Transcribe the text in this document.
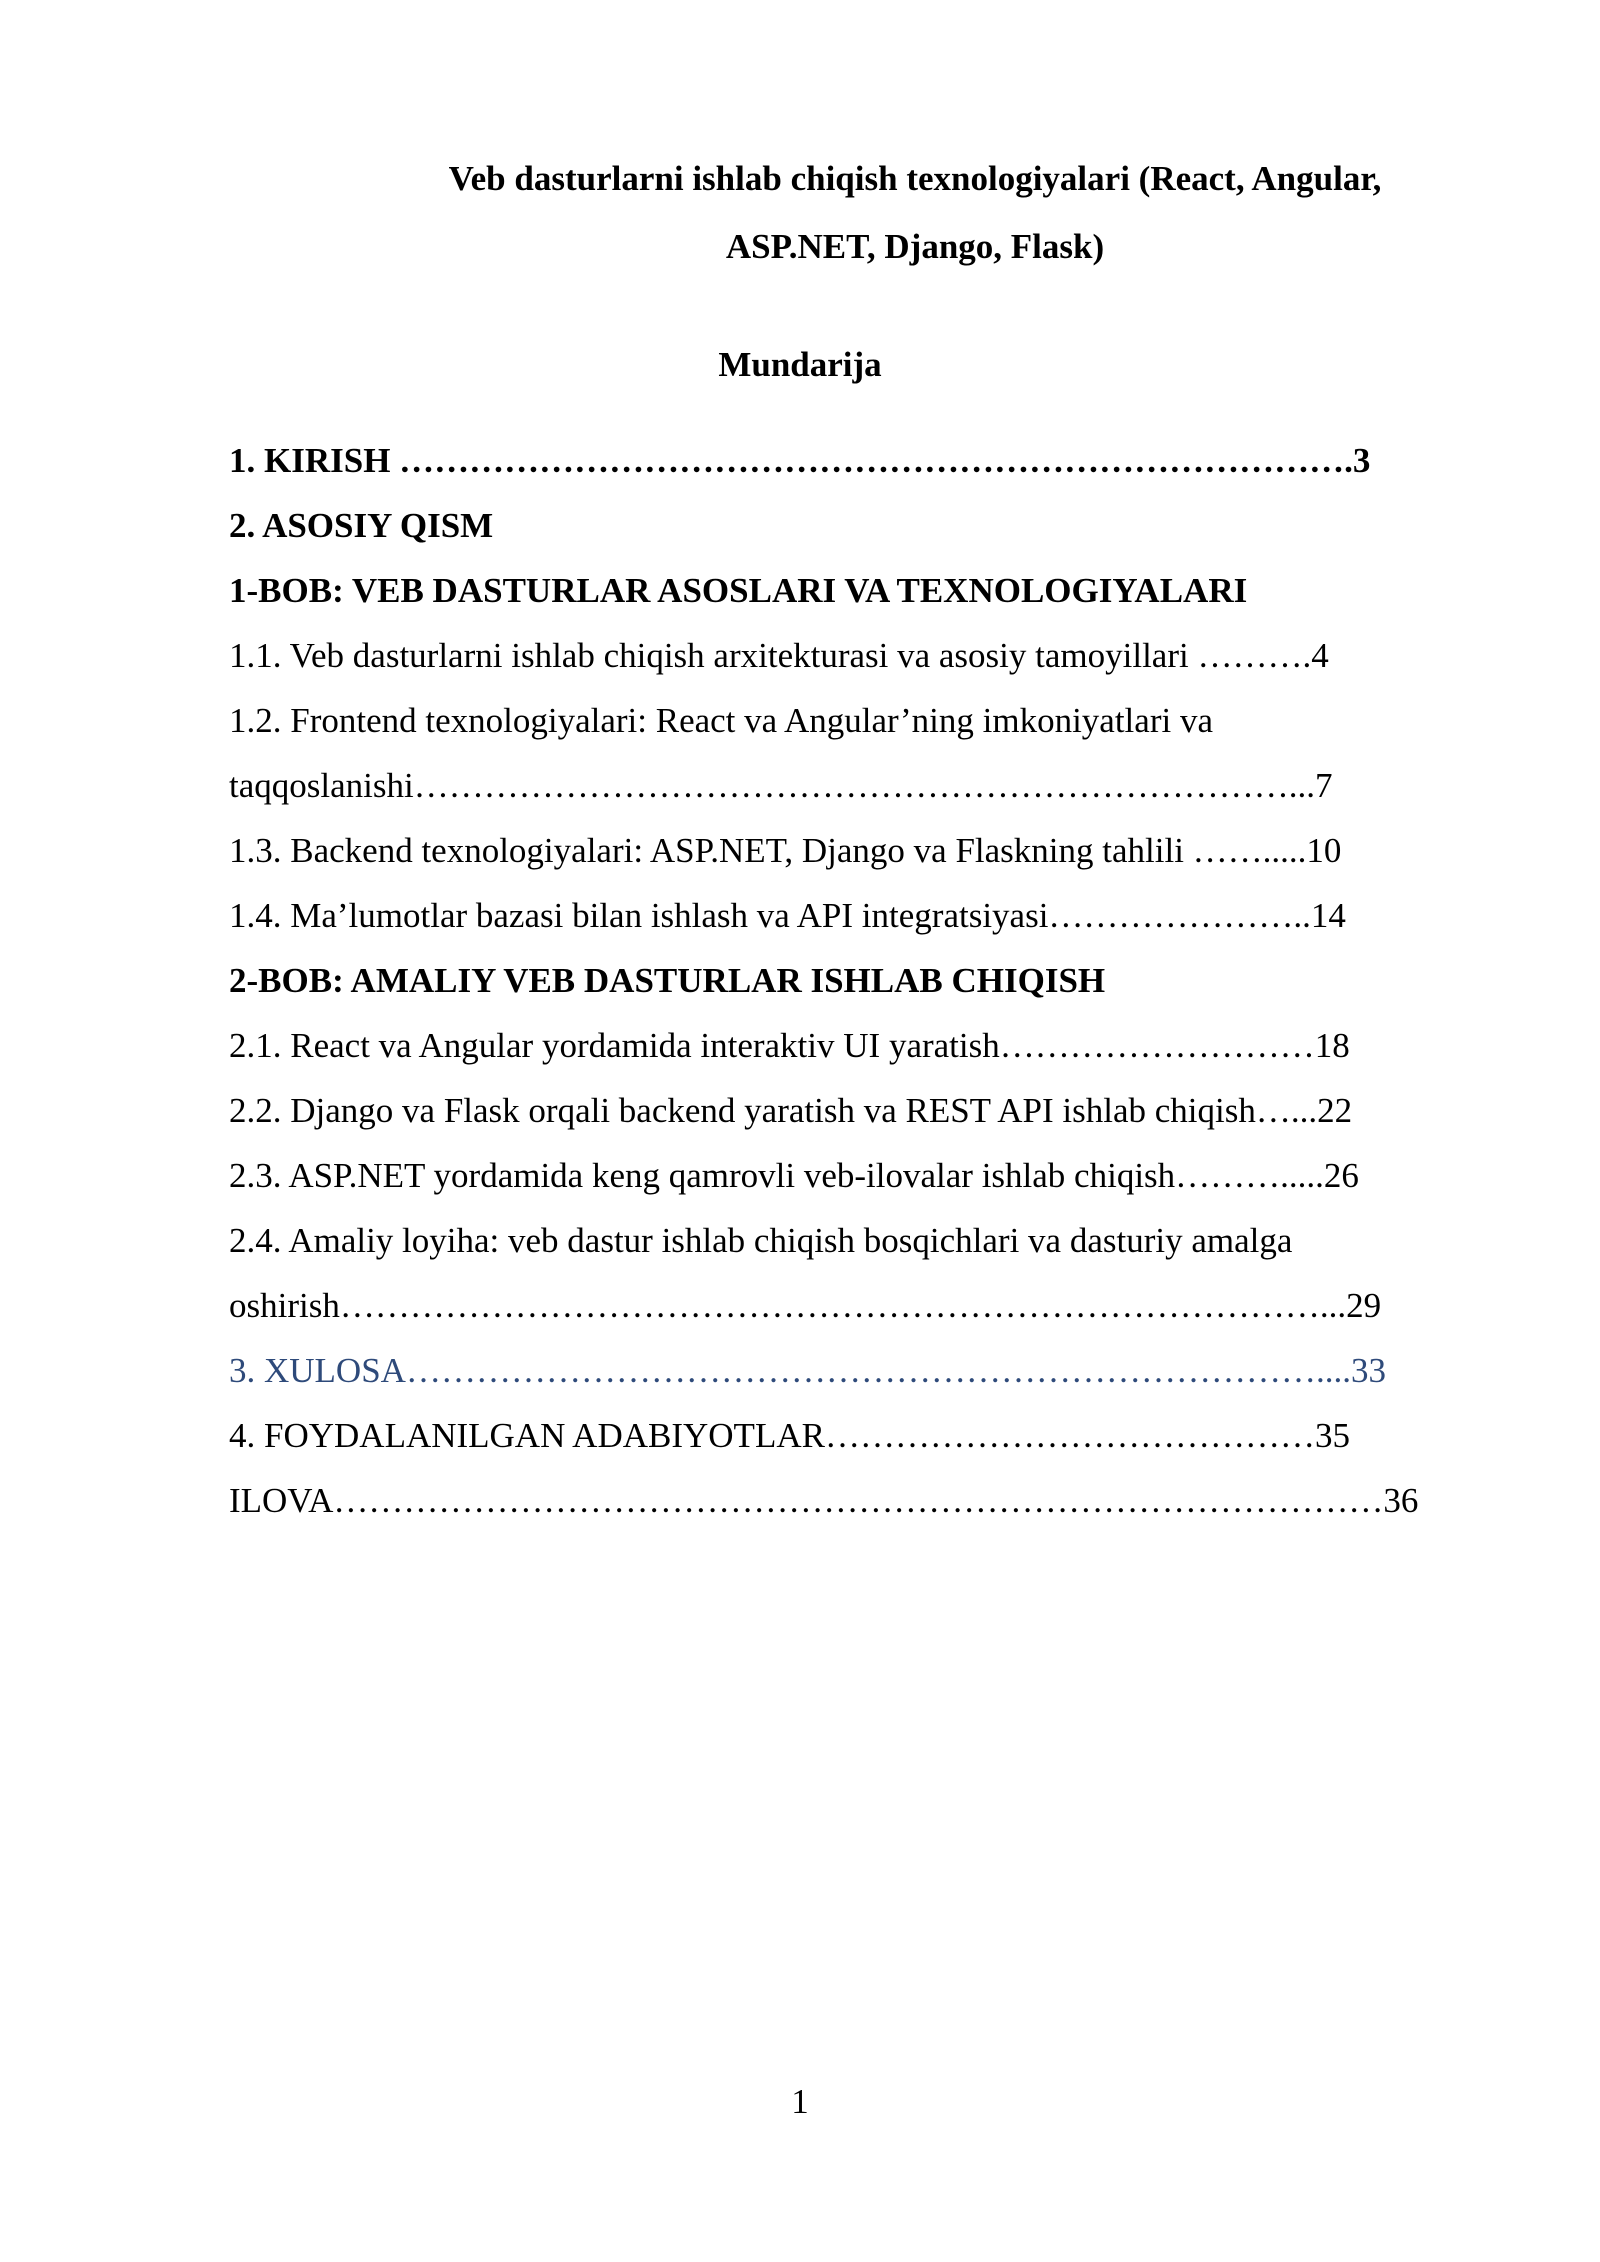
Veb dasturlarni ishlab chiqish texnologiyalari (React, Angular,
ASP.NET, Django, Flask)
Mundarija
1. KIRISH ……………………………………………………………………….3
2. ASOSIY QISM
1-BOB: VEB DASTURLAR ASOSLARI VA TEXNOLOGIYALARI
1.1. Veb dasturlarni ishlab chiqish arxitekturasi va asosiy tamoyillari ……….4
1.2. Frontend texnologiyalari: React va Angular’ning imkoniyatlari va
taqqoslanishi…………………………………………………………………...7
1.3. Backend texnologiyalari: ASP.NET, Django va Flaskning tahlili …….....10
1.4. Ma’lumotlar bazasi bilan ishlash va API integratsiyasi…………………..14
2-BOB: AMALIY VEB DASTURLAR ISHLAB CHIQISH
2.1. React va Angular yordamida interaktiv UI yaratish………………………18
2.2. Django va Flask orqali backend yaratish va REST API ishlab chiqish…...22
2.3. ASP.NET yordamida keng qamrovli veb-ilovalar ishlab chiqish……….....26
2.4. Amaliy loyiha: veb dastur ishlab chiqish bosqichlari va dasturiy amalga
oshirish…………………………………………………………………………...29
3. XULOSA……………………………………………………………………....33
4. FOYDALANILGAN ADABIYOTLAR……………………………………35
ILOVA………………………………………………………………………………36
1
